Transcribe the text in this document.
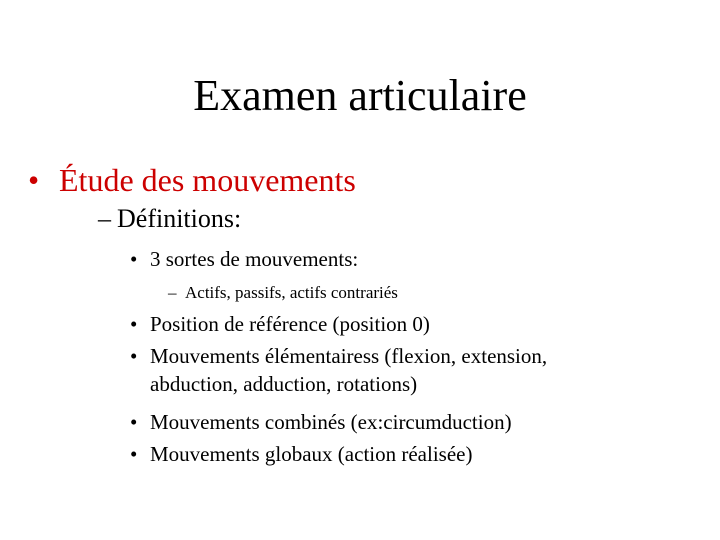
Examen articulaire
• Étude des mouvements
– Définitions:
• 3 sortes de mouvements:
– Actifs, passifs, actifs contrariés
• Position de référence (position 0)
• Mouvements élémentairess (flexion, extension,
abduction, adduction, rotations)
• Mouvements combinés (ex:circumduction)
• Mouvements globaux (action réalisée)
